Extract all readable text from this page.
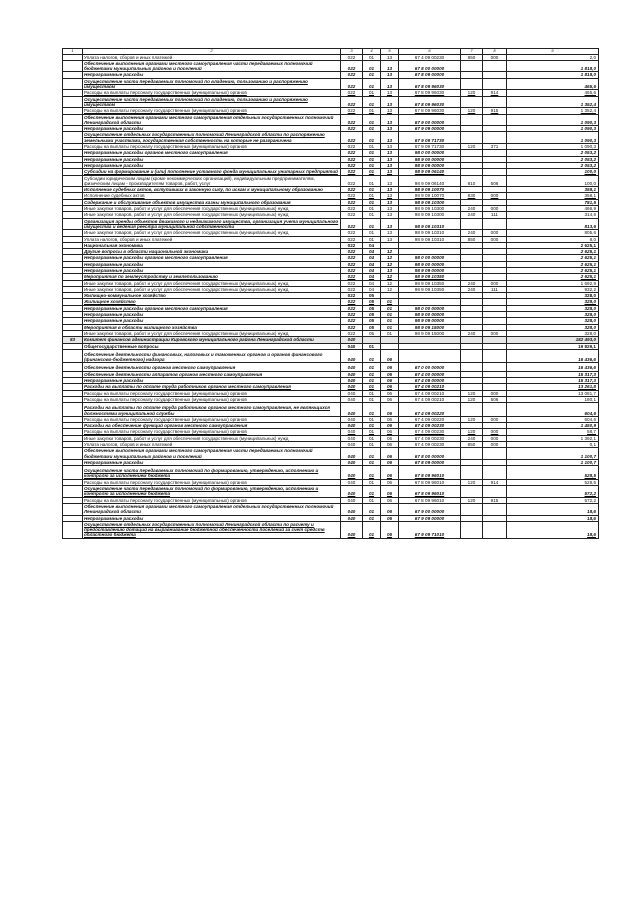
1	2	3	4	5	6	7	8	9
	Уплата налогов, сборов и иных платежей	022	01	13	67 4 09 00230	850	000	2,0
	Обеспечение выполнения органами местного самоуправления части передаваемых полномочий бюджетами муниципальных районов и поселений	022	01	13	67 8 00 00000			1 818,0
	Непрограммные расходы	022	01	13	67 8 09 00000			1 818,0
	Осуществление части передаваемых полномочий по владению, пользованию и распоряжению имуществом	022	01	13	67 8 09 96030			465,6
	Расходы на выплаты персоналу государственных (муниципальных) органов	022	01	13	67 8 09 96030	120	914	465,6
	Осуществление части передаваемых полномочий по владению, пользованию и распоряжению имуществом	022	01	13	67 8 09 96030			1 352,4
	Расходы на выплаты персоналу государственных (муниципальных) органов	022	01	13	67 8 09 96030	120	915	1 352,4
	Обеспечение выполнения органами местного самоуправления отдельных государственных полномочий Ленинградской области	022	01	13	67 9 00 00000			1 090,3
	Непрограммные расходы	022	01	13	67 9 09 00000			1 090,3
	Осуществление отдельных государственных полномочий Ленинградской области по распоряжению земельными участками, государственная собственность на которые не разграничена	022	01	13	67 9 09 71730			1 090,3
	Расходы на выплаты персоналу государственных (муниципальных) органов	022	01	13	67 9 09 71730	120	371	1 090,3
	Непрограммные расходы органов местного самоуправления	022	01	13	98 0 00 00000			2 053,2
	Непрограммные расходы	022	01	13	98 9 00 00000			2 053,2
	Непрограммные расходы	022	01	13	98 9 09 00000			2 053,2
	Субсидии на формирование и (или) пополнение уставного фонда муниципальных унитарных предприятий	022	01	13	98 9 09 06140			100,0
	Субсидии юридическим лицам (кроме некоммерческих организаций), индивидуальным предпринимателям, физическим лицам - производителям товаров, работ, услуг	022	01	13	98 9 09 06140	810	506	100,0
	Исполнение судебных актов, вступивших в законную силу, по искам к муниципальному образованию	022	01	13	98 9 09 10070			358,1
	Исполнение судебных актов	022	01	13	98 9 09 10070	830	000	358,1
	Содержание и обслуживание объектов имущества казны муниципального образования	022	01	13	98 9 09 10300			781,5
	Иные закупки товаров, работ и услуг для обеспечения государственных (муниципальных) нужд	022	01	13	98 9 09 10300	240	000	466,9
	Иные закупки товаров, работ и услуг для обеспечения государственных (муниципальных) нужд	022	01	13	98 9 09 10300	240	111	314,6
	Организация аренды объектов движимого и недвижимого имущества, организация учета муниципального имущества и ведения реестра муниципальной собственности	022	01	13	98 9 09 10310			813,6
	Иные закупки товаров, работ и услуг для обеспечения государственных (муниципальных) нужд	022	01	13	98 9 09 10310	240	000	805,6
	Уплата налогов, сборов и иных платежей	022	01	13	98 9 09 10310	850	000	8,0
	Национальная экономика	022	04					2 625,1
	Другие вопросы в области национальной экономики	022	04	12				2 625,1
	Непрограммные расходы органов местного самоуправления	022	04	12	98 0 00 00000			2 625,1
	Непрограммные расходы	022	04	12	98 9 00 00000			2 625,1
	Непрограммные расходы	022	04	13	98 9 09 00000			2 625,1
	Мероприятия по землеустройству и землепользованию	022	04	12	98 9 09 10350			2 625,1
	Иные закупки товаров, работ и услуг для обеспечения государственных (муниципальных) нужд	022	04	12	98 9 09 10350	240	000	1 692,9
	Иные закупки товаров, работ и услуг для обеспечения государственных (муниципальных) нужд	022	04	12	98 9 09 10350	240	111	932,2
	Жилищно-коммунальное хозяйство	022	05					328,0
	Жилищное хозяйство	022	05	01				328,0
	Непрограммные расходы органов местного самоуправления	022	05	01	98 0 00 00000			328,0
	Непрограммные расходы	022	05	01	98 9 00 00000			328,0
	Непрограммные расходы	022	05	01	98 9 09 00000			328,0
	Мероприятия в области жилищного хозяйства	022	05	01	98 9 09 15000			328,0
	Иные закупки товаров, работ и услуг для обеспечения государственных (муниципальных) нужд	022	05	01	98 9 09 15000	240	000	328,0
83	Комитет финансов администрации Кировского муниципального района Ленинградской области	040						182 493,0
	Общегосударственные вопросы	040	01					19 829,1
	Обеспечение деятельности финансовых, налоговых и таможенных органов и органов финансового (финансово-бюджетного) надзора	040	01	06				16 436,6
	Обеспечение деятельности органов местного самоуправления	040	01	06	67 0 00 00000			16 436,6
	Обеспечение деятельности аппаратов органов местного самоуправления	040	01	06	67 4 00 00000			15 317,3
	Непрограммные расходы	040	01	06	67 4 09 00000			15 317,3
	Расходы на выплаты по оплате труда работников органов местного самоуправления	040	01	06	67 4 09 00210			13 261,8
	Расходы на выплаты персоналу государственных (муниципальных) органов	040	01	06	67 4 09 00210	120	000	13 081,7
	Расходы на выплаты персоналу государственных (муниципальных) органов	040	01	06	67 4 09 00210	120	506	180,1
	Расходы на выплаты по оплате труда работников органов местного самоуправления, не являющихся должностями муниципальной службы	040	01	06	67 4 09 00220			604,6
	Расходы на выплаты персоналу государственных (муниципальных) органов	040	01	06	67 4 09 00220	120	000	604,6
	Расходы на обеспечение функций органов местного самоуправления	040	01	06	67 4 09 00230			1 450,9
	Расходы на выплаты персоналу государственных (муниципальных) органов	040	01	06	67 4 09 00230	120	000	58,7
	Иные закупки товаров, работ и услуг для обеспечения государственных (муниципальных) нужд	040	01	06	67 4 09 00230	240	000	1 392,1
	Уплата налогов, сборов и иных платежей	040	01	06	67 4 09 00230	850	000	0,1
	Обеспечение выполнения органами местного самоуправления части передаваемых полномочий бюджетами муниципальных районов и поселений	040	01	06	67 8 00 00000			1 100,7
	Непрограммные расходы	040	01	06	67 8 09 00000			1 100,7
	Осуществление части передаваемых полномочий по формированию, утверждению, исполнению и контролю за исполнением бюджета	040	01	06	67 8 09 96010			528,5
	Расходы на выплаты персоналу государственных (муниципальных) органов	040	01	06	67 8 09 96010	120	914	528,5
	Осуществление части передаваемых полномочий по формированию, утверждению, исполнению и контролю за исполнением бюджета	040	01	06	67 8 09 96010			572,2
	Расходы на выплаты персоналу государственных (муниципальных) органов	040	01	06	67 8 09 96010	120	915	572,2
	Обеспечение выполнения органами местного самоуправления отдельных государственных полномочий Ленинградской области	040	01	06	67 9 00 00000			18,6
	Непрограммные расходы	040	01	06	67 9 09 00000			18,6
	Осуществление отдельных государственных полномочий Ленинградской области по расчету и предоставлению дотаций на выравнивание бюджетной обеспеченности поселений за счет средств областного бюджета	040	01	06	67 9 09 71010			18,6
